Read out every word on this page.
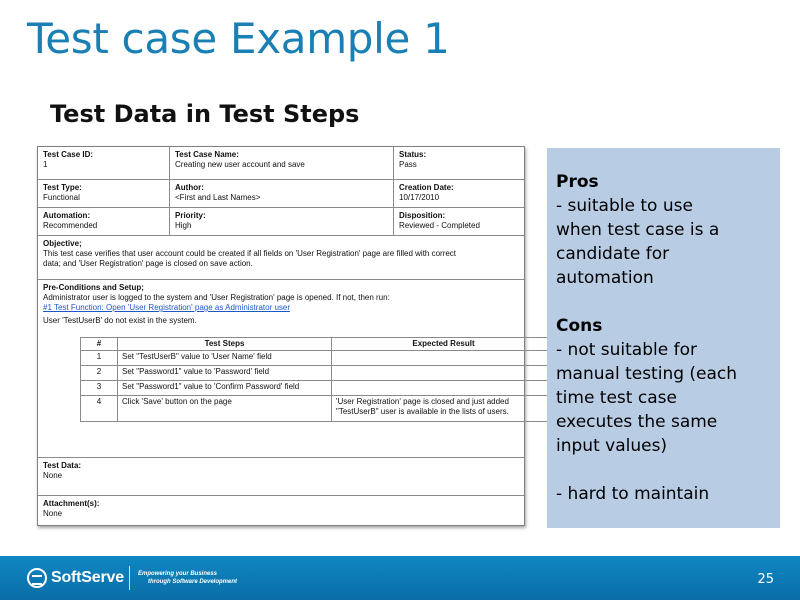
Test case Example 1
Test Data in Test Steps
Test Case ID:
1
Test Case Name:
Creating new user account and save
Status:
Pass
Test Type:
Functional
Author:
<First and Last Names>
Creation Date:
10/17/2010
Automation:
Recommended
Priority:
High
Disposition:
Reviewed - Completed
Objective;
This test case verifies that user account could be created if all fields on 'User Registration' page are filled with correct
data; and 'User Registration' page is closed on save action.
Pre-Conditions and Setup;
Administrator user is logged to the system and 'User Registration' page is opened. If not, then run:
#1 Test Function: Open 'User Registration' page as Administrator user
User 'TestUserB' do not exist in the system.
#	Test Steps	Expected Result
1	Set "TestUserB" value to 'User Name' field	
2	Set "Password1" value to 'Password' field	
3	Set "Password1" value to 'Confirm Password' field	
4	Click 'Save' button on the page	'User Registration' page is closed and just added
"TestUserB" user is available in the lists of users.
Test Data:
None
Attachment(s):
None
Pros
- suitable to use
when test case is a
candidate for
automation
Cons
- not suitable for
manual testing (each
time test case
executes the same
input values)
- hard to maintain
SoftServe Empowering your Business
through Software Development	25
